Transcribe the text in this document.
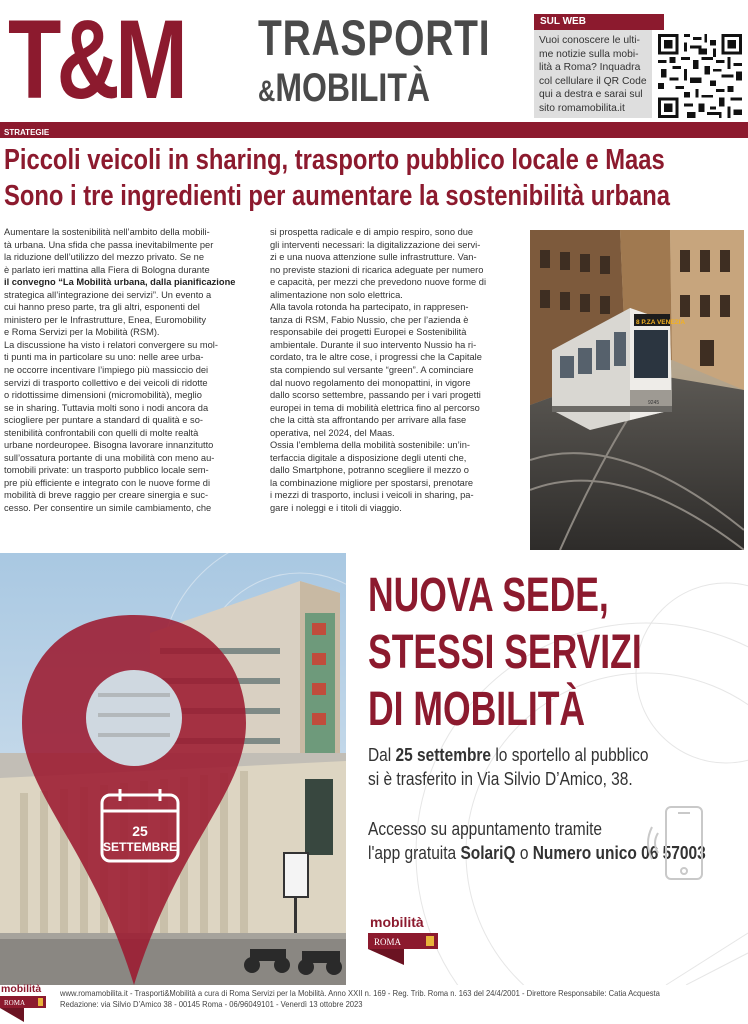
T&M TRASPORTI
&MOBILITÀ
SUL WEB
Vuoi conoscere le ulti-
me notizie sulla mobi-
lità a Roma? Inquadra
col cellulare il QR Code
qui a destra e sarai sul
sito romamobilita.it
STRATEGIE
Piccoli veicoli in sharing, trasporto pubblico locale e Maas
Sono i tre ingredienti per aumentare la sostenibilità urbana
Aumentare la sostenibilità nell’ambito della mobili-
tà urbana. Una sfida che passa inevitabilmente per
la riduzione dell’utilizzo del mezzo privato. Se ne
è parlato ieri mattina alla Fiera di Bologna durante
il convegno “La Mobilità urbana, dalla pianificazione
strategica all’integrazione dei servizi”. Un evento a
cui hanno preso parte, tra gli altri, esponenti del
ministero per le Infrastrutture, Enea, Euromobility
e Roma Servizi per la Mobilità (RSM).
La discussione ha visto i relatori convergere su mol-
ti punti ma in particolare su uno: nelle aree urba-
ne occorre incentivare l’impiego più massiccio dei
servizi di trasporto collettivo e dei veicoli di ridotte
o ridottissime dimensioni (micromobilità), meglio
se in sharing. Tuttavia molti sono i nodi ancora da
sciogliere per puntare a standard di qualità e so-
stenibilità confrontabili con quelli di molte realtà
urbane nordeuropee. Bisogna lavorare innanzitutto
sull’ossatura portante di una mobilità con meno au-
tomobili private: un trasporto pubblico locale sem-
pre più efficiente e integrato con le nuove forme di
mobilità di breve raggio per creare sinergia e suc-
cesso. Per consentire un simile cambiamento, che
si prospetta radicale e di ampio respiro, sono due
gli interventi necessari: la digitalizzazione dei servi-
zi e una nuova attenzione sulle infrastrutture. Van-
no previste stazioni di ricarica adeguate per numero
e capacità, per mezzi che prevedono nuove forme di
alimentazione non solo elettrica.
Alla tavola rotonda ha partecipato, in rappresen-
tanza di RSM, Fabio Nussio, che per l’azienda è
responsabile dei progetti Europei e Sostenibilità
ambientale. Durante il suo intervento Nussio ha ri-
cordato, tra le altre cose, i progressi che la Capitale
sta compiendo sul versante “green”. A cominciare
dal nuovo regolamento dei monopattini, in vigore
dallo scorso settembre, passando per i vari progetti
europei in tema di mobilità elettrica fino al percorso
che la città sta affrontando per arrivare alla fase
operativa, nel 2024, del Maas.
Ossia l’emblema della mobilità sostenibile: un’in-
terfaccia digitale a disposizione degli utenti che,
dallo Smartphone, potranno scegliere il mezzo o
la combinazione migliore per spostarsi, prenotare
i mezzi di trasporto, inclusi i veicoli in sharing, pa-
gare i noleggi e i titoli di viaggio.
8 P.ZA VENEZIA
9245
25
SETTEMBRE
NUOVA SEDE,
STESSI SERVIZI
DI MOBILITÀ
Dal 25 settembre lo sportello al pubblico
si è trasferito in Via Silvio D’Amico, 38.
Accesso su appuntamento tramite
l'app gratuita SolariQ o Numero unico 06 57003
mobilità
ROMA
mobilità
ROMA
www.romamobilita.it - Trasporti&Mobilità a cura di Roma Servizi per la Mobilità. Anno XXII n. 169 - Reg. Trib. Roma n. 163 del 24/4/2001 - Direttore Responsabile: Catia Acquesta
Redazione: via Silvio D’Amico 38 - 00145 Roma - 06/96049101 - Venerdì 13 ottobre 2023
